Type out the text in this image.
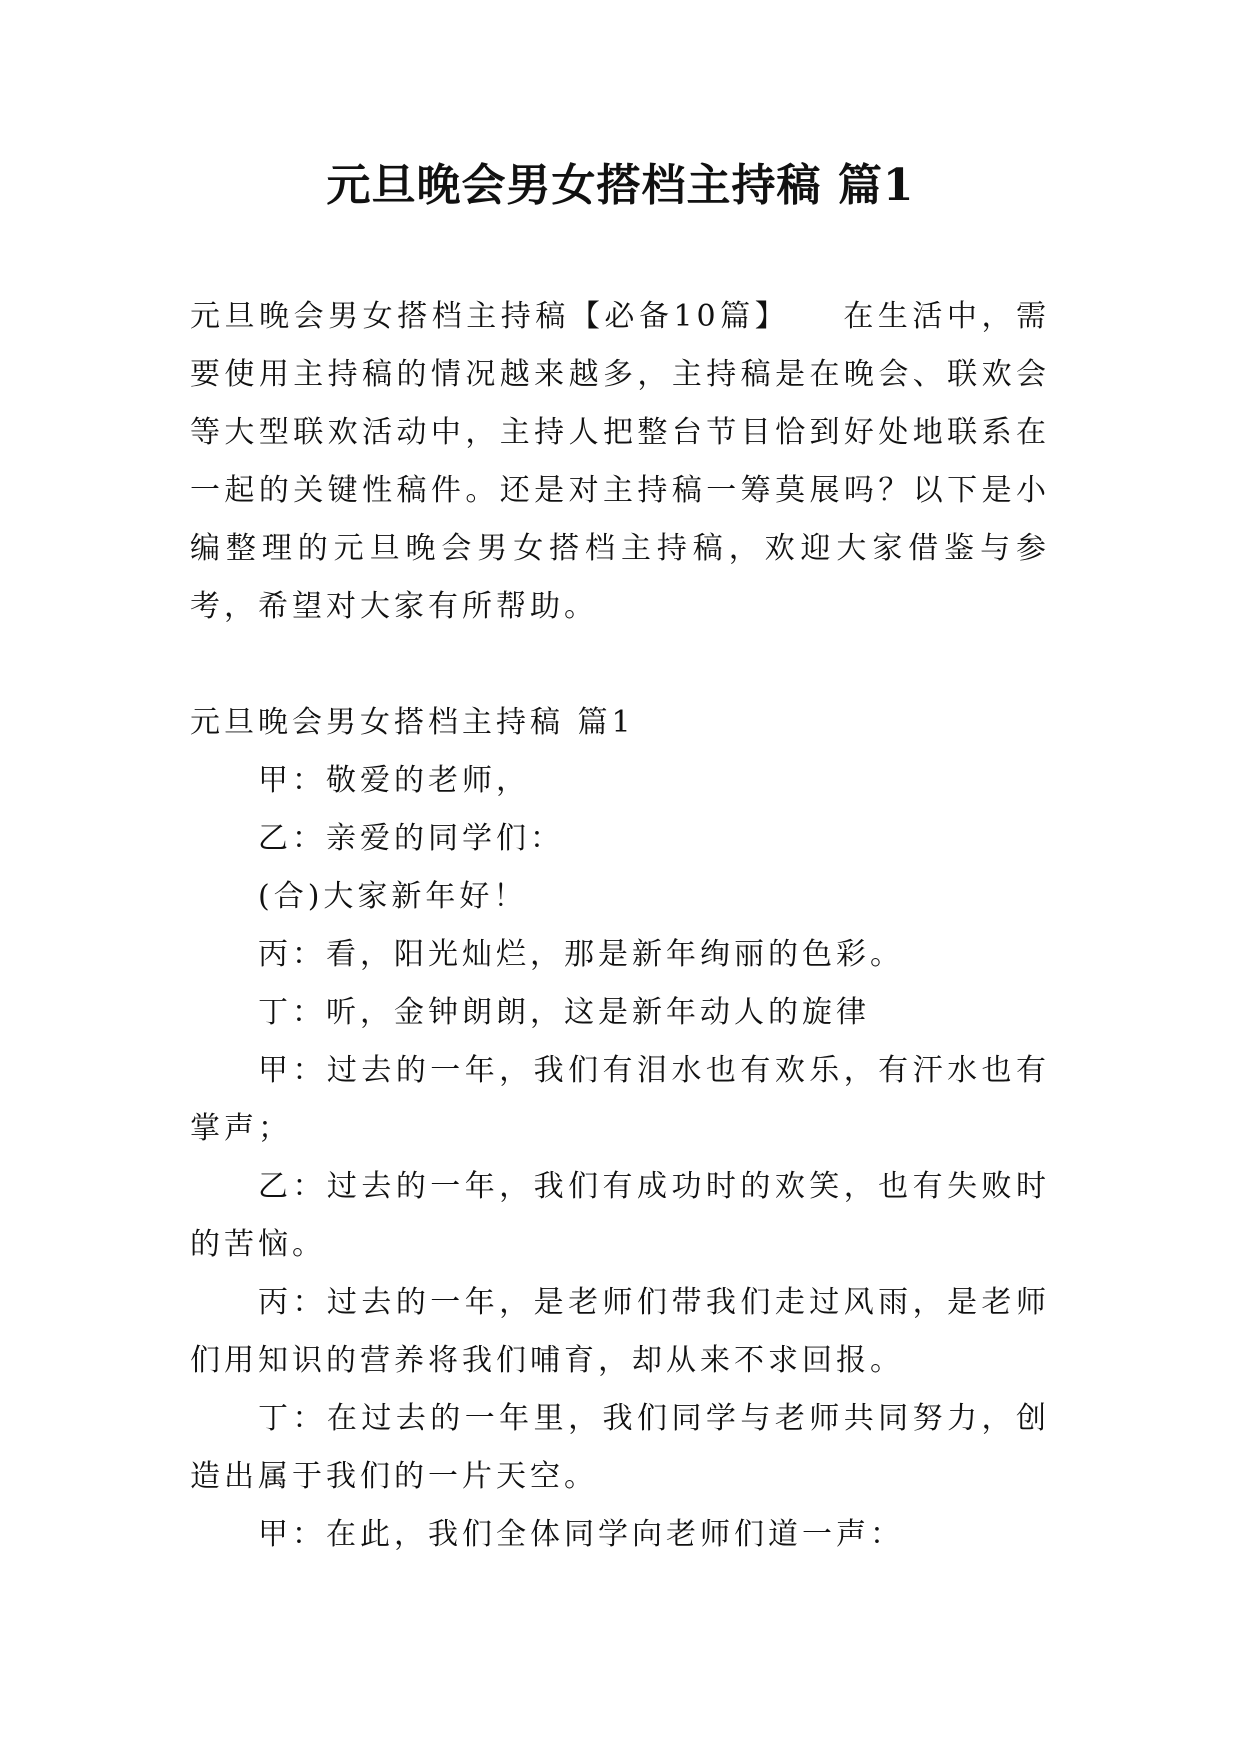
元旦晚会男女搭档主持稿 篇1

元旦晚会男女搭档主持稿【必备10篇】　　在生活中，需要使用主持稿的情况越来越多，主持稿是在晚会、联欢会等大型联欢活动中，主持人把整台节目恰到好处地联系在一起的关键性稿件。还是对主持稿一筹莫展吗？以下是小编整理的元旦晚会男女搭档主持稿，欢迎大家借鉴与参考，希望对大家有所帮助。

元旦晚会男女搭档主持稿 篇1

甲：敬爱的老师，

乙：亲爱的同学们：

(合)大家新年好！

丙：看，阳光灿烂，那是新年绚丽的色彩。

丁：听，金钟朗朗，这是新年动人的旋律

甲：过去的一年，我们有泪水也有欢乐，有汗水也有掌声；

乙：过去的一年，我们有成功时的欢笑，也有失败时的苦恼。

丙：过去的一年，是老师们带我们走过风雨，是老师们用知识的营养将我们哺育，却从来不求回报。

丁：在过去的一年里，我们同学与老师共同努力，创造出属于我们的一片天空。

甲：在此，我们全体同学向老师们道一声：
